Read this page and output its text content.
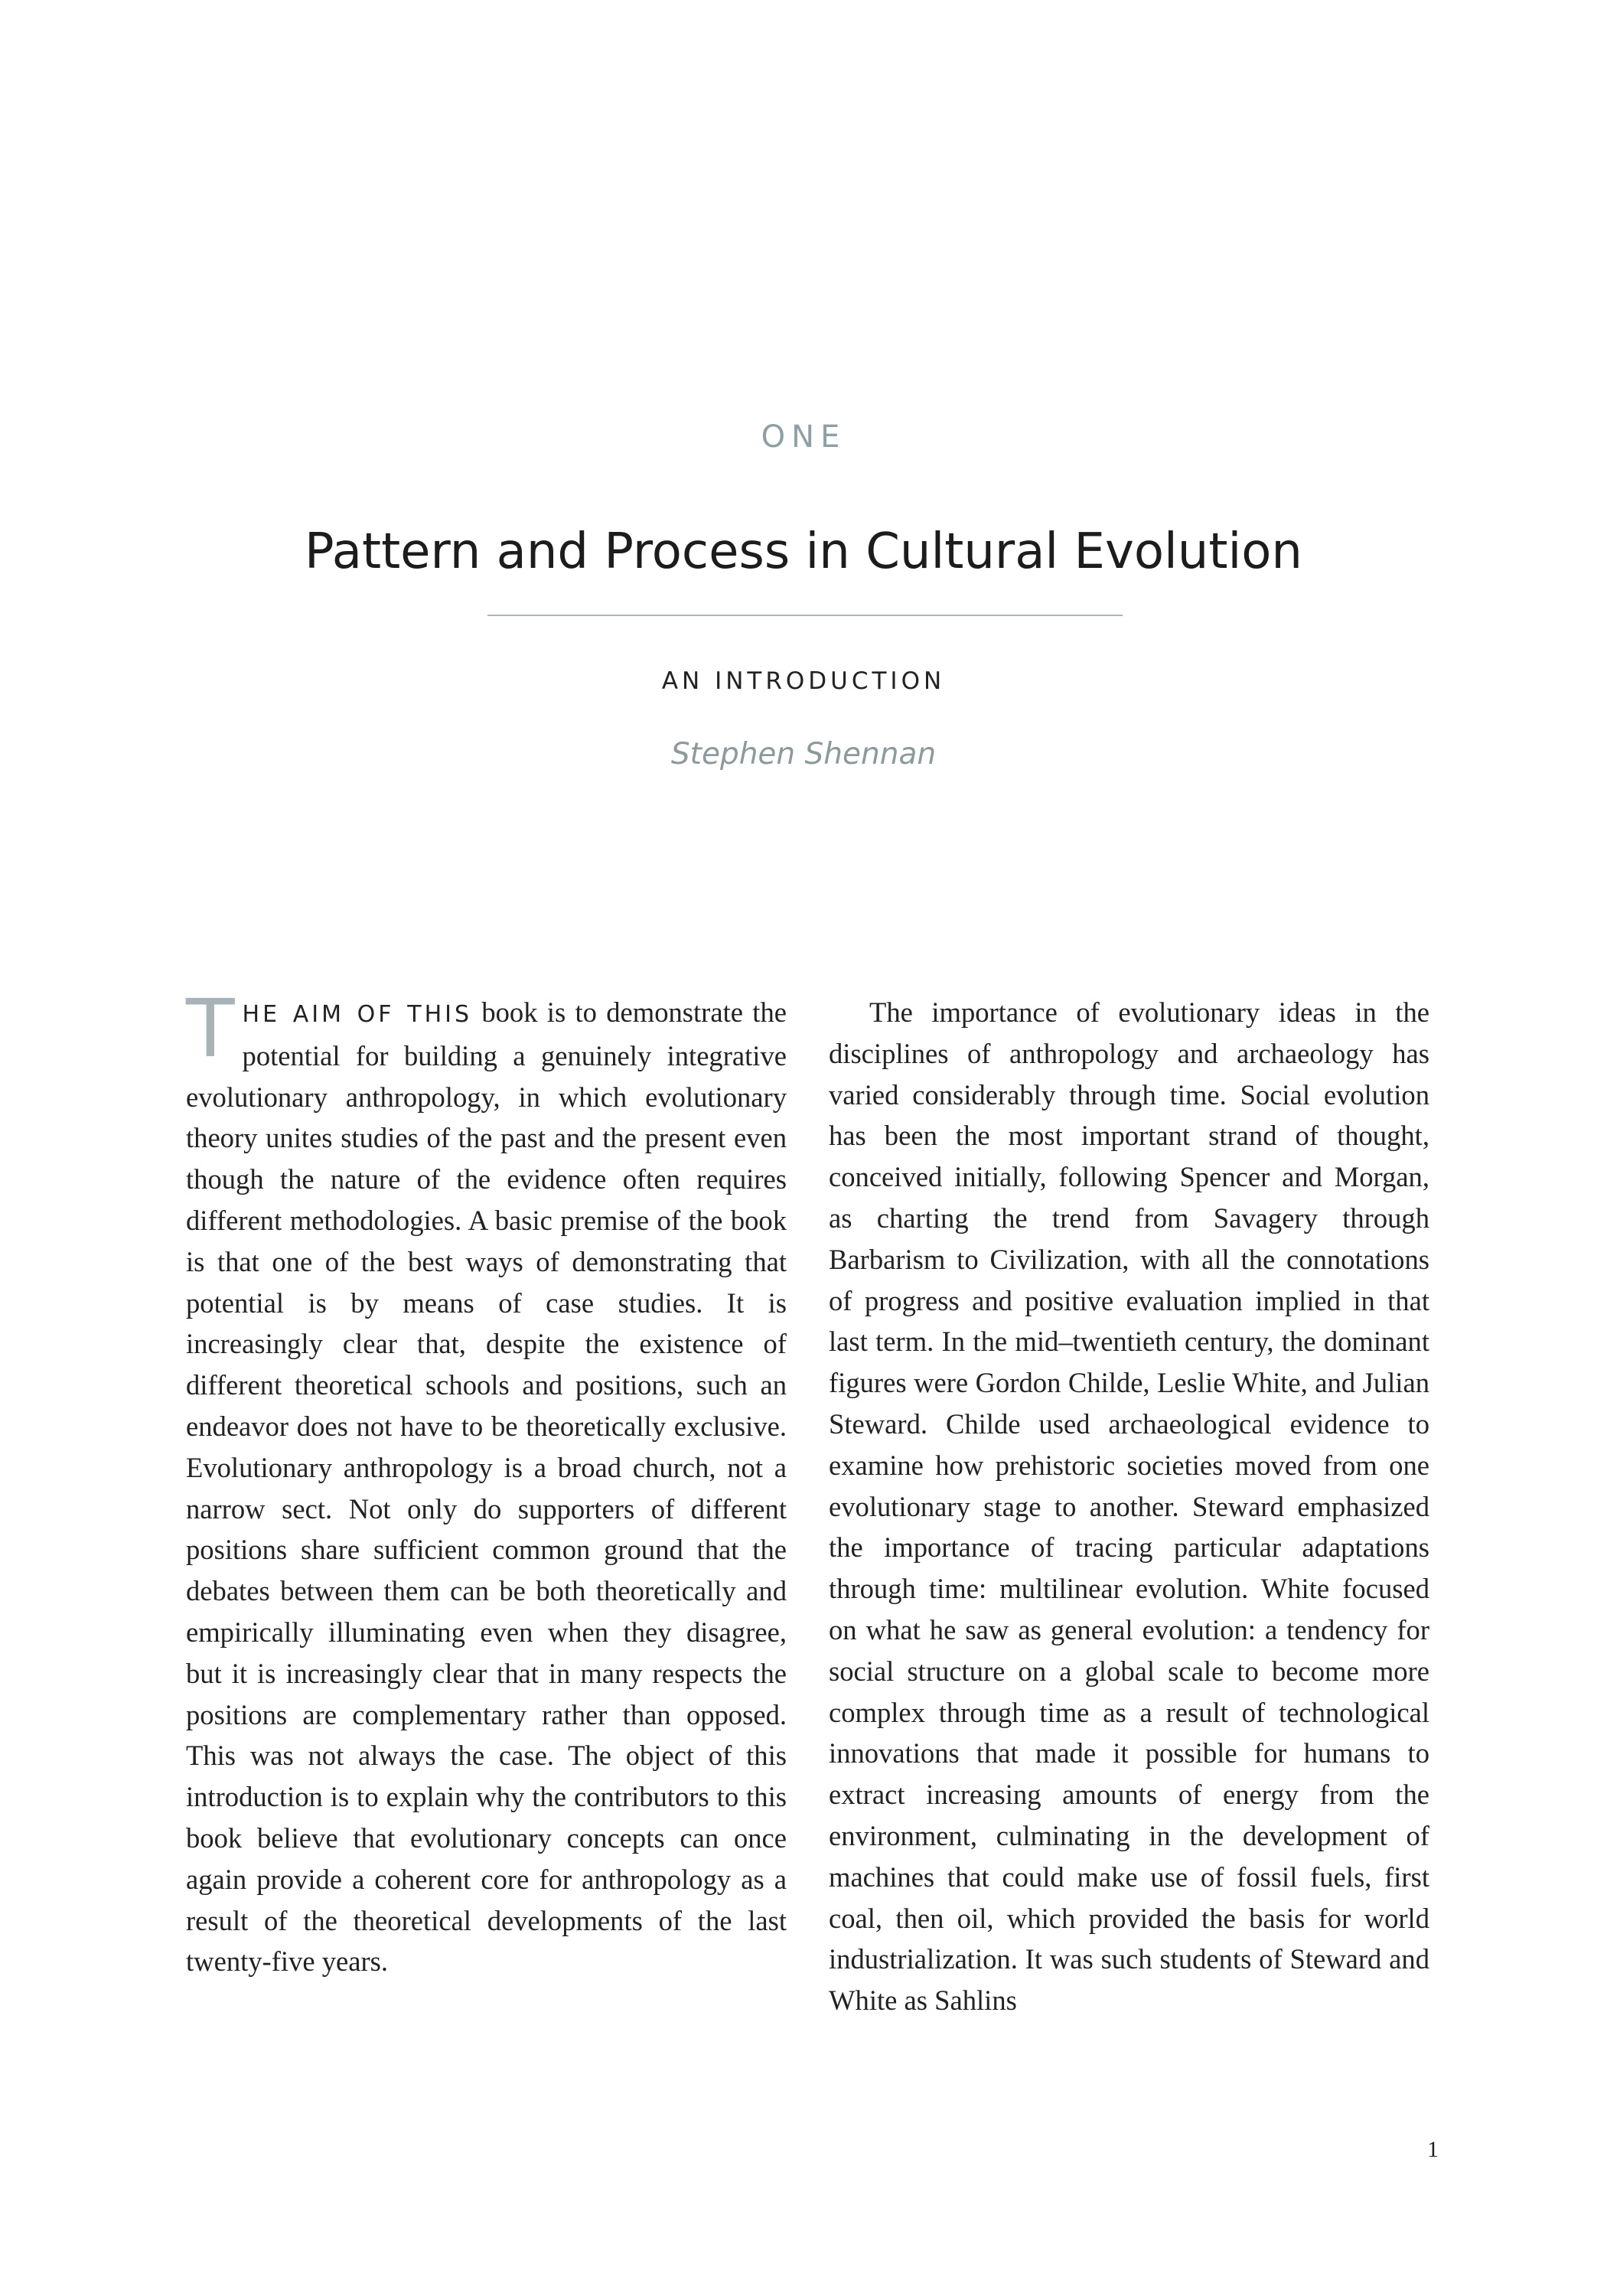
ONE
Pattern and Process in Cultural Evolution
AN INTRODUCTION
Stephen Shennan

THE AIM OF THIS book is to demonstrate the potential for building a genuinely integrative evolutionary anthropology, in which evolutionary theory unites studies of the past and the present even though the nature of the evidence often requires different methodologies. A basic premise of the book is that one of the best ways of demonstrating that potential is by means of case studies. It is increasingly clear that, despite the existence of different theoretical schools and positions, such an endeavor does not have to be theoretically exclusive. Evolutionary anthropology is a broad church, not a narrow sect. Not only do supporters of different positions share sufficient common ground that the debates between them can be both theoretically and empirically illuminating even when they disagree, but it is increasingly clear that in many respects the positions are complementary rather than opposed. This was not always the case. The object of this introduction is to explain why the contributors to this book believe that evolutionary concepts can once again provide a coherent core for anthropology as a result of the theoretical developments of the last twenty-five years.

The importance of evolutionary ideas in the disciplines of anthropology and archaeology has varied considerably through time. Social evolution has been the most important strand of thought, conceived initially, following Spencer and Morgan, as charting the trend from Savagery through Barbarism to Civilization, with all the connotations of progress and positive evaluation implied in that last term. In the mid–twentieth century, the dominant figures were Gordon Childe, Leslie White, and Julian Steward. Childe used archaeological evidence to examine how prehistoric societies moved from one evolutionary stage to another. Steward emphasized the importance of tracing particular adaptations through time: multilinear evolution. White focused on what he saw as general evolution: a tendency for social structure on a global scale to become more complex through time as a result of technological innovations that made it possible for humans to extract increasing amounts of energy from the environment, culminating in the development of machines that could make use of fossil fuels, first coal, then oil, which provided the basis for world industrialization. It was such students of Steward and White as Sahlins

1
